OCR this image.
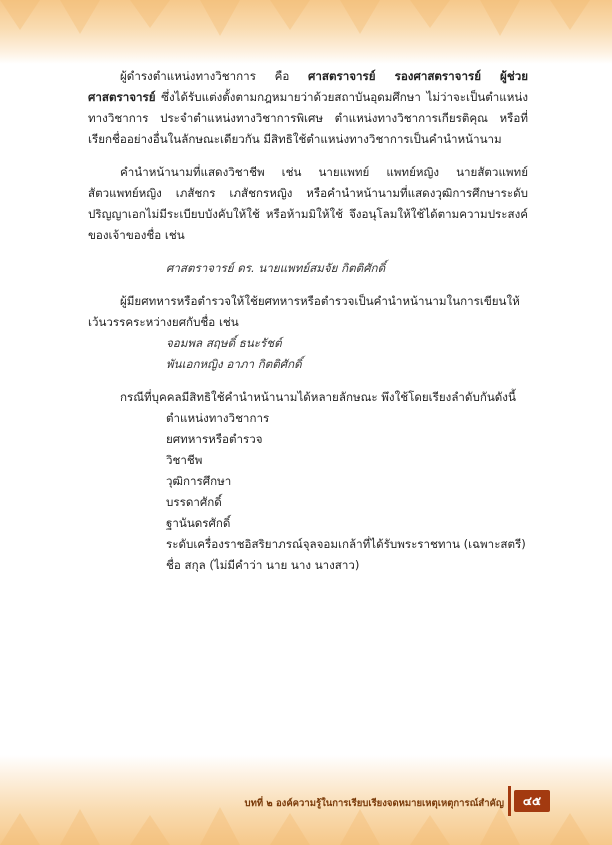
ผู้ดำรงตำแหน่งทางวิชาการ คือ ศาสตราจารย์ รองศาสตราจารย์ ผู้ช่วยศาสตราจารย์ ซึ่งได้รับแต่งตั้งตามกฎหมายว่าด้วยสถาบันอุดมศึกษา ไม่ว่าจะเป็นตำแหน่งทางวิชาการ ประจำตำแหน่งทางวิชาการพิเศษ ตำแหน่งทางวิชาการเกียรติคุณ หรือที่เรียกชื่ออย่างอื่นในลักษณะเดียวกัน มีสิทธิใช้ตำแหน่งทางวิชาการเป็นคำนำหน้านาม

คำนำหน้านามที่แสดงวิชาชีพ เช่น นายแพทย์ แพทย์หญิง นายสัตวแพทย์ สัตวแพทย์หญิง เภสัชกร เภสัชกรหญิง หรือคำนำหน้านามที่แสดงวุฒิการศึกษาระดับปริญญาเอกไม่มีระเบียบบังคับให้ใช้ หรือห้ามมิให้ใช้ จึงอนุโลมให้ใช้ได้ตามความประสงค์ของเจ้าของชื่อ เช่น

ศาสตราจารย์ ดร. นายแพทย์สมจัย กิตติศักดิ์

ผู้มียศทหารหรือตำรวจให้ใช้ยศทหารหรือตำรวจเป็นคำนำหน้านามในการเขียนให้เว้นวรรคระหว่างยศกับชื่อ เช่น

จอมพล สฤษดิ์ ธนะรัชต์

พันเอกหญิง อาภา กิตติศักดิ์

กรณีที่บุคคลมีสิทธิใช้คำนำหน้านามได้หลายลักษณะ พึงใช้โดยเรียงลำดับกันดังนี้

ตำแหน่งทางวิชาการ
ยศทหารหรือตำรวจ
วิชาชีพ
วุฒิการศึกษา
บรรดาศักดิ์
ฐานันดรศักดิ์
ระดับเครื่องราชอิสริยาภรณ์จุลจอมเกล้าที่ได้รับพระราชทาน (เฉพาะสตรี)
ชื่อ สกุล (ไม่มีคำว่า นาย นาง นางสาว)
บทที่ ๒ องค์ความรู้ในการเรียบเรียงจดหมายเหตุเหตุการณ์สำคัญ	๔๕
